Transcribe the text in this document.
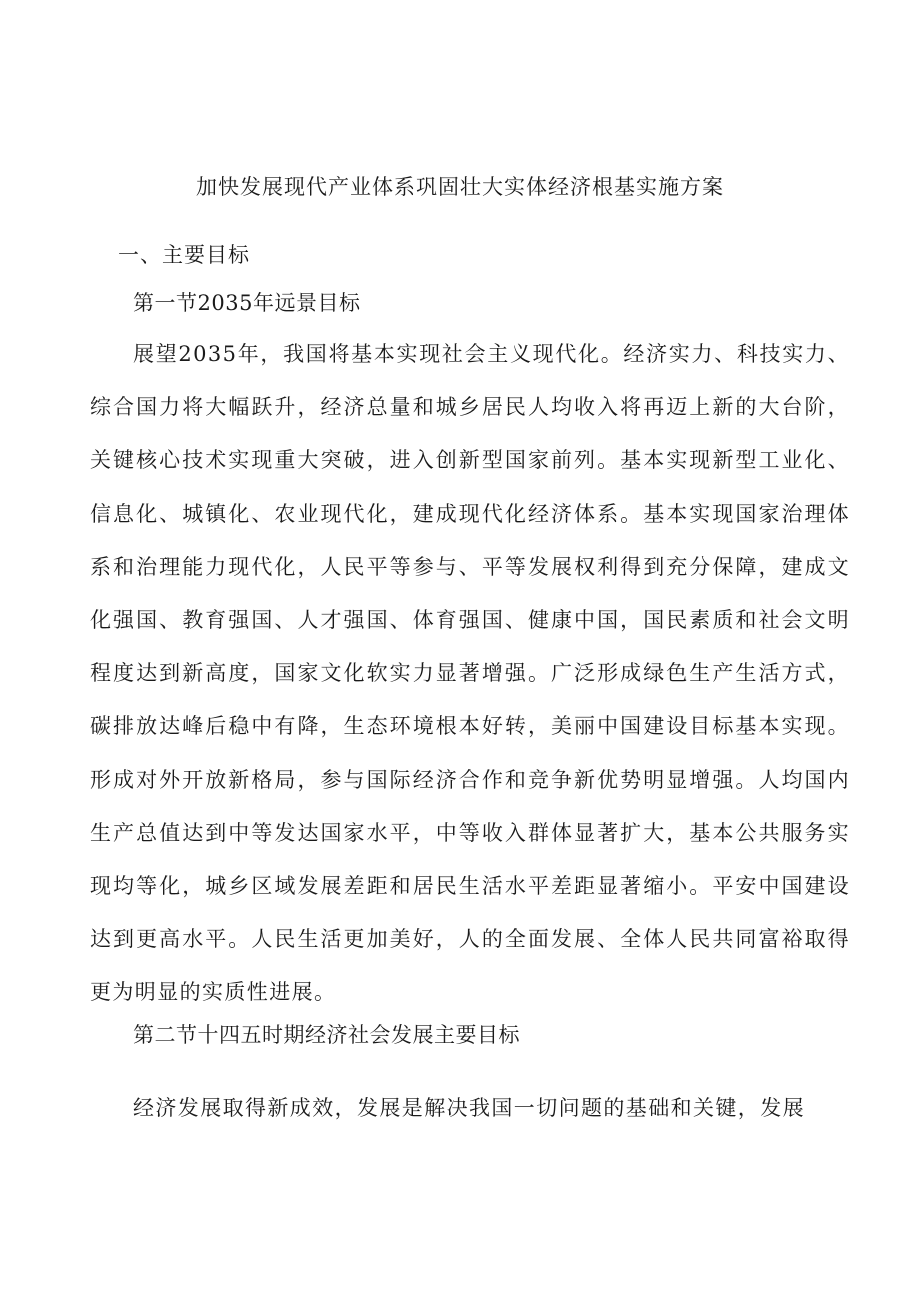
加快发展现代产业体系巩固壮大实体经济根基实施方案
一、主要目标
第一节2035年远景目标

展望2035年，我国将基本实现社会主义现代化。经济实力、科技实力、综合国力将大幅跃升，经济总量和城乡居民人均收入将再迈上新的大台阶，关键核心技术实现重大突破，进入创新型国家前列。基本实现新型工业化、信息化、城镇化、农业现代化，建成现代化经济体系。基本实现国家治理体系和治理能力现代化，人民平等参与、平等发展权利得到充分保障，建成文化强国、教育强国、人才强国、体育强国、健康中国，国民素质和社会文明程度达到新高度，国家文化软实力显著增强。广泛形成绿色生产生活方式，碳排放达峰后稳中有降，生态环境根本好转，美丽中国建设目标基本实现。形成对外开放新格局，参与国际经济合作和竞争新优势明显增强。人均国内生产总值达到中等发达国家水平，中等收入群体显著扩大，基本公共服务实现均等化，城乡区域发展差距和居民生活水平差距显著缩小。平安中国建设达到更高水平。人民生活更加美好，人的全面发展、全体人民共同富裕取得更为明显的实质性进展。

第二节十四五时期经济社会发展主要目标

经济发展取得新成效，发展是解决我国一切问题的基础和关键，发展
